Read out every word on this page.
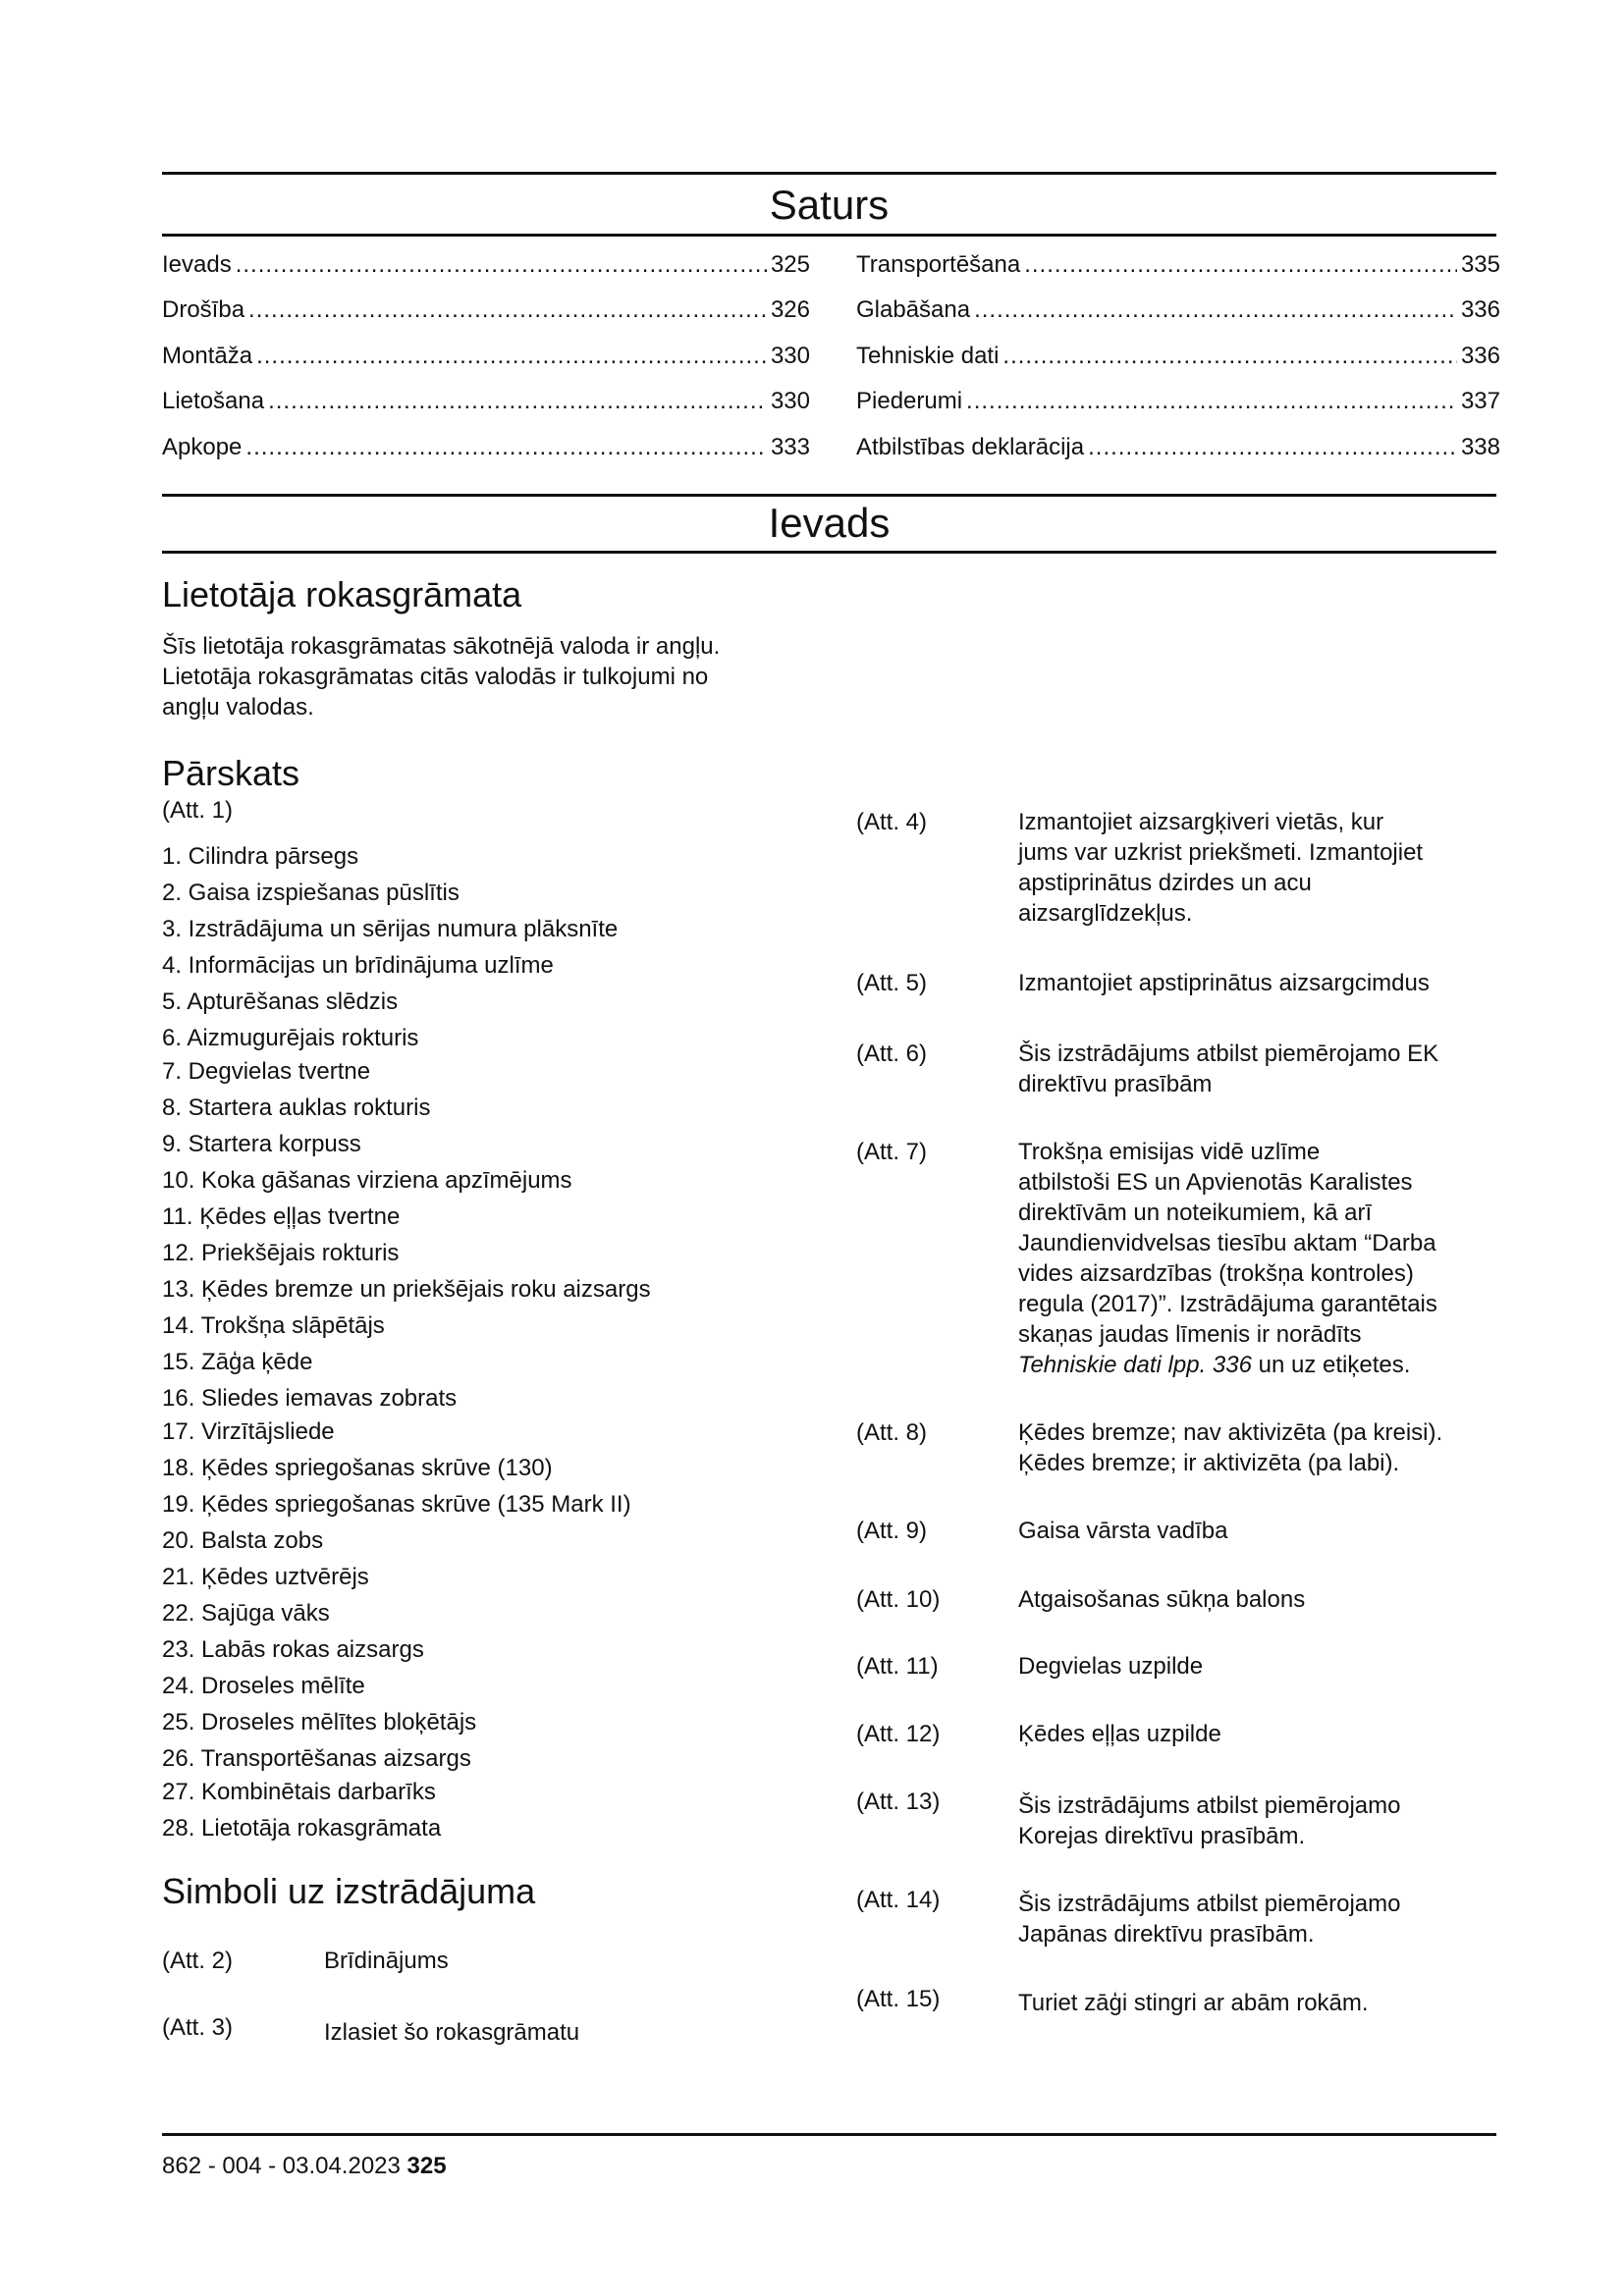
Saturs
Ievads .....	325
Drošība .....	326
Montāža .....	330
Lietošana .....	330
Apkope .....	333
Transportēšana .....	335
Glabāšana .....	336
Tehniskie dati .....	336
Piederumi .....	337
Atbilstības deklarācija .....	338
Ievads
Lietotāja rokasgrāmata
Šīs lietotāja rokasgrāmatas sākotnējā valoda ir angļu.
Lietotāja rokasgrāmatas citās valodās ir tulkojumi no
angļu valodas.
Pārskats
(Att. 1)
1. Cilindra pārsegs
2. Gaisa izspiešanas pūslītis
3. Izstrādājuma un sērijas numura plāksnīte
4. Informācijas un brīdinājuma uzlīme
5. Apturēšanas slēdzis
6. Aizmugurējais rokturis
7. Degvielas tvertne
8. Startera auklas rokturis
9. Startera korpuss
10. Koka gāšanas virziena apzīmējums
11. Ķēdes eļļas tvertne
12. Priekšējais rokturis
13. Ķēdes bremze un priekšējais roku aizsargs
14. Trokšņa slāpētājs
15. Zāģa ķēde
16. Sliedes iemavas zobrats
17. Virzītājsliede
18. Ķēdes spriegošanas skrūve (130)
19. Ķēdes spriegošanas skrūve (135 Mark II)
20. Balsta zobs
21. Ķēdes uztvērējs
22. Sajūga vāks
23. Labās rokas aizsargs
24. Droseles mēlīte
25. Droseles mēlītes bloķētājs
26. Transportēšanas aizsargs
27. Kombinētais darbarīks
28. Lietotāja rokasgrāmata
Simboli uz izstrādājuma
(Att. 2)	Brīdinājums
(Att. 3)	Izlasiet šo rokasgrāmatu
(Att. 4)	Izmantojiet aizsargķiveri vietās, kur
jums var uzkrist priekšmeti. Izmantojiet
apstiprinātus dzirdes un acu
aizsarglīdzekļus.
(Att. 5)	Izmantojiet apstiprinātus aizsargcimdus
(Att. 6)	Šis izstrādājums atbilst piemērojamo EK
direktīvu prasībām
(Att. 7)	Trokšņa emisijas vidē uzlīme
atbilstoši ES un Apvienotās Karalistes
direktīvām un noteikumiem, kā arī
Jaundienvidvelsas tiesību aktam “Darba
vides aizsardzības (trokšņa kontroles)
regula (2017)”. Izstrādājuma garantētais
skaņas jaudas līmenis ir norādīts
Tehniskie dati lpp. 336 un uz etiķetes.
(Att. 8)	Ķēdes bremze; nav aktivizēta (pa kreisi).
Ķēdes bremze; ir aktivizēta (pa labi).
(Att. 9)	Gaisa vārsta vadība
(Att. 10)	Atgaisošanas sūkņa balons
(Att. 11)	Degvielas uzpilde
(Att. 12)	Ķēdes eļļas uzpilde
(Att. 13)	Šis izstrādājums atbilst piemērojamo
Korejas direktīvu prasībām.
(Att. 14)	Šis izstrādājums atbilst piemērojamo
Japānas direktīvu prasībām.
(Att. 15)	Turiet zāģi stingri ar abām rokām.
862 - 004 - 03.04.2023 325
